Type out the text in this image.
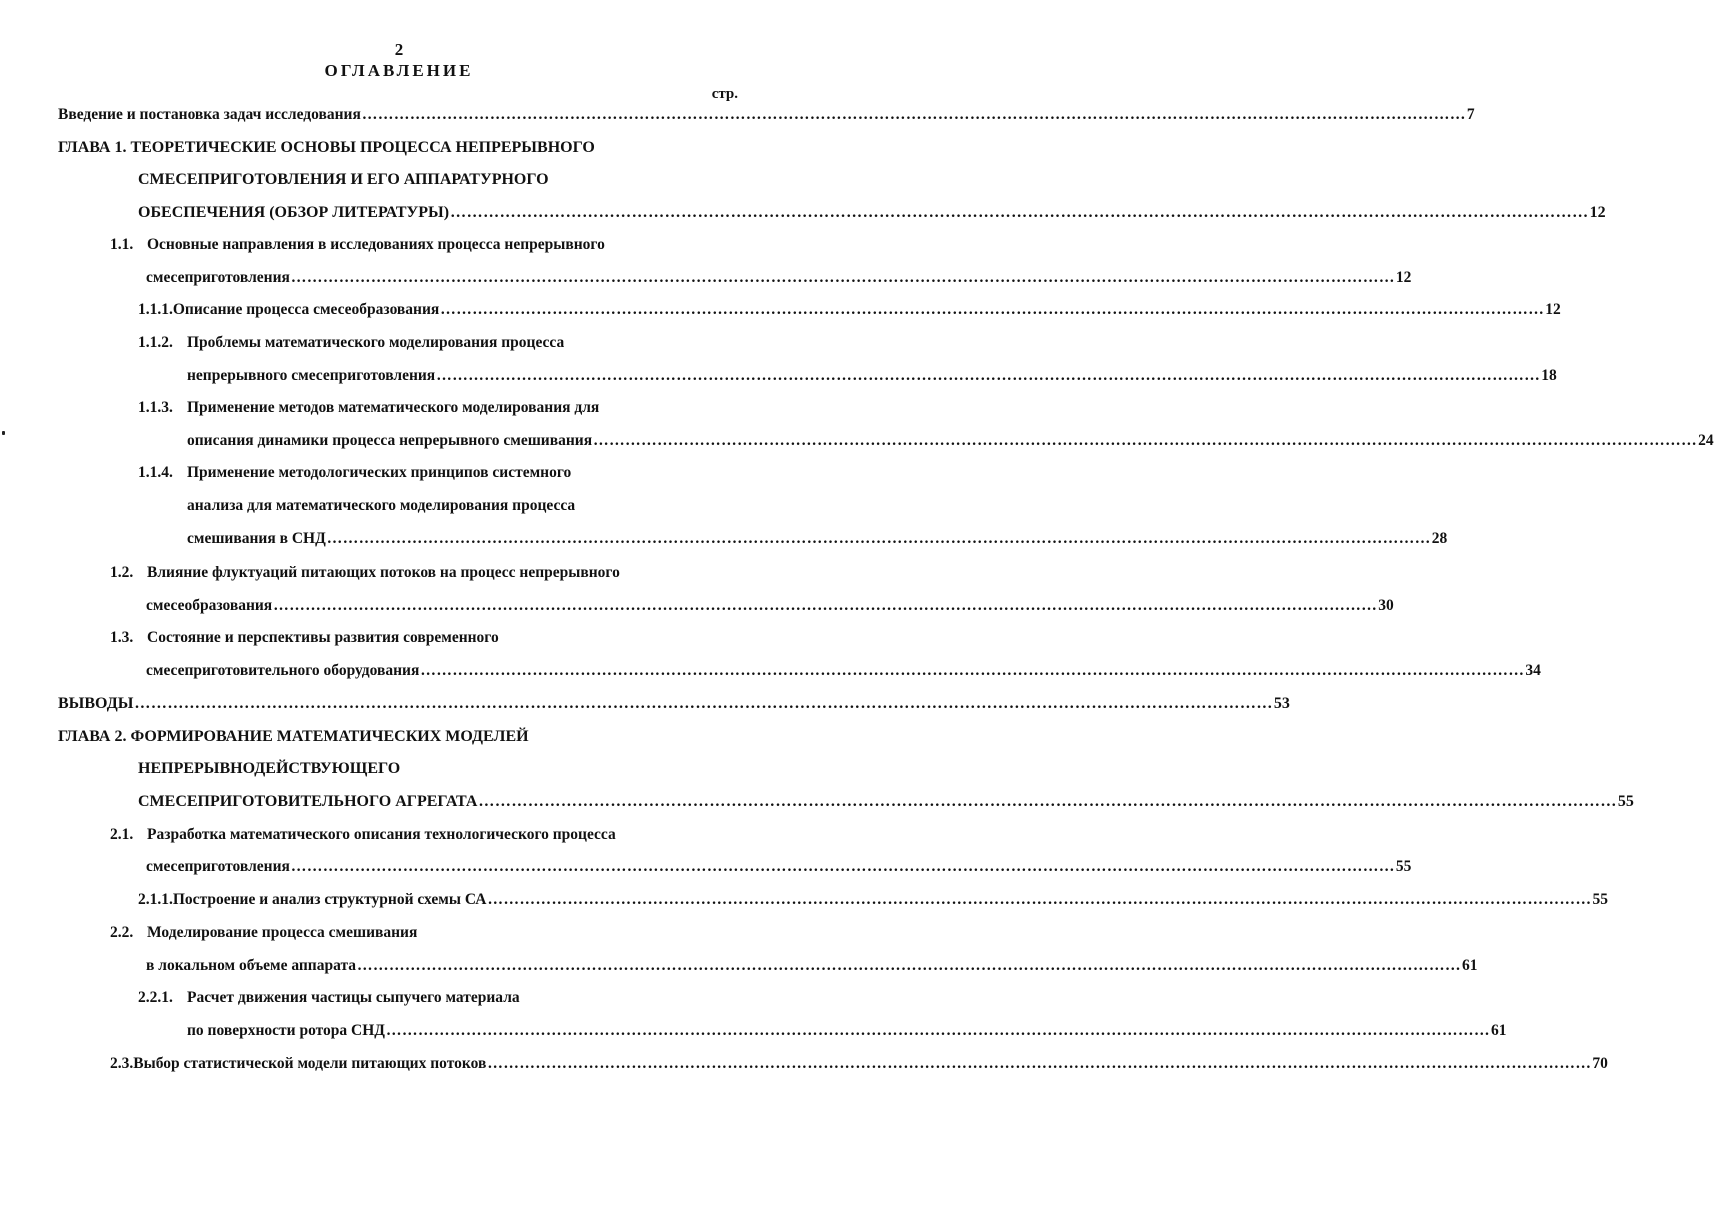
2
ОГЛАВЛЕНИЕ
стр.
Введение и постановка задач исследования ……………………………………………………………………………………………………………………………………………………………………………………… 7
ГЛАВА 1. ТЕОРЕТИЧЕСКИЕ ОСНОВЫ ПРОЦЕССА НЕПРЕРЫВНОГО
СМЕСЕПРИГОТОВЛЕНИЯ И ЕГО АППАРАТУРНОГО
ОБЕСПЕЧЕНИЯ (ОБЗОР ЛИТЕРАТУРЫ) ……………………………………………………………………………………………………………………………………………………………………………………… 12
1.1. Основные направления в исследованиях процесса непрерывного
смесеприготовления ……………………………………………………………………………………………………………………………………………………………………………………… 12
1.1.1. Описание процесса смесеобразования ……………………………………………………………………………………………………………………………………………………………………………………… 12
1.1.2. Проблемы математического моделирования процесса
непрерывного смесеприготовления ……………………………………………………………………………………………………………………………………………………………………………………… 18
1.1.3. Применение методов математического моделирования для
описания динамики процесса непрерывного смешивания ……………………………………………………………………………………………………………………………………………………………………………………… 24
1.1.4. Применение методологических принципов системного
анализа для математического моделирования процесса
смешивания в СНД ……………………………………………………………………………………………………………………………………………………………………………………… 28
1.2. Влияние флуктуаций питающих потоков на процесс непрерывного
смесеобразования ……………………………………………………………………………………………………………………………………………………………………………………… 30
1.3. Состояние и перспективы развития современного
смесеприготовительного оборудования ……………………………………………………………………………………………………………………………………………………………………………………… 34
ВЫВОДЫ ……………………………………………………………………………………………………………………………………………………………………………………… 53
ГЛАВА 2. ФОРМИРОВАНИЕ МАТЕМАТИЧЕСКИХ МОДЕЛЕЙ
НЕПРЕРЫВНОДЕЙСТВУЮЩЕГО
СМЕСЕПРИГОТОВИТЕЛЬНОГО АГРЕГАТА ……………………………………………………………………………………………………………………………………………………………………………………… 55
2.1. Разработка математического описания технологического процесса
смесеприготовления ……………………………………………………………………………………………………………………………………………………………………………………… 55
2.1.1. Построение и анализ структурной схемы СА ……………………………………………………………………………………………………………………………………………………………………………………… 55
2.2. Моделирование процесса смешивания
в локальном объеме аппарата ……………………………………………………………………………………………………………………………………………………………………………………… 61
2.2.1. Расчет движения частицы сыпучего материала
по поверхности ротора СНД ……………………………………………………………………………………………………………………………………………………………………………………… 61
2.3. Выбор статистической модели питающих потоков ……………………………………………………………………………………………………………………………………………………………………………………… 70
